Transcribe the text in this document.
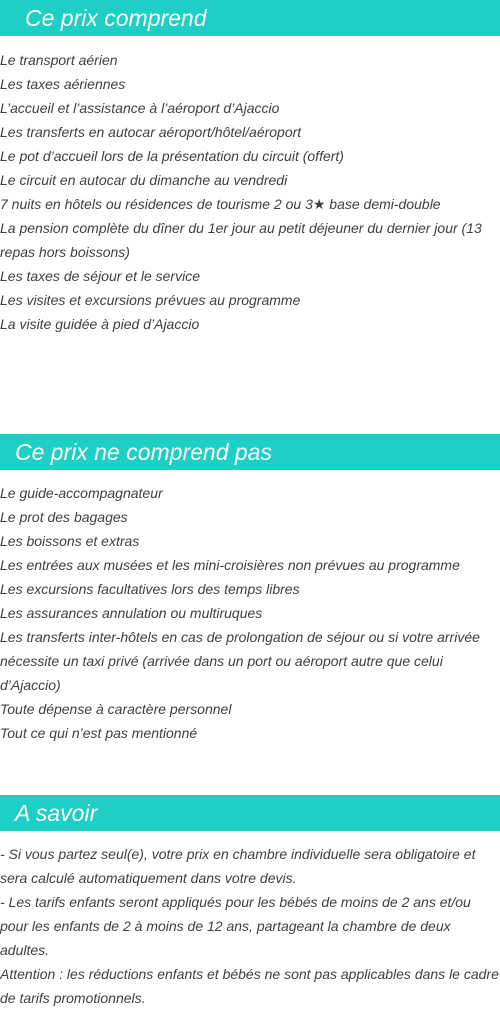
Ce prix comprend
Le transport aérien
Les taxes aériennes
L’accueil et l’assistance à l’aéroport d’Ajaccio
Les transferts en autocar aéroport/hôtel/aéroport
Le pot d’accueil lors de la présentation du circuit (offert)
Le circuit en autocar du dimanche au vendredi
7 nuits en hôtels ou résidences de tourisme 2 ou 3★ base demi-double
La pension complète du dîner du 1er jour au petit déjeuner du dernier jour (13 repas hors boissons)
Les taxes de séjour et le service
Les visites et excursions prévues au programme
La visite guidée à pied d’Ajaccio
Ce prix ne comprend pas
Le guide-accompagnateur
Le prot des bagages
Les boissons et extras
Les entrées aux musées et les mini-croisières non prévues au programme
Les excursions facultatives lors des temps libres
Les assurances annulation ou multiruques
Les transferts inter-hôtels en cas de prolongation de séjour ou si votre arrivée nécessite un taxi privé (arrivée dans un port ou aéroport autre que celui d’Ajaccio)
Toute dépense à caractère personnel
Tout ce qui n’est pas mentionné
A savoir
- Si vous partez seul(e), votre prix en chambre individuelle sera obligatoire et sera calculé automatiquement dans votre devis.
- Les tarifs enfants seront appliqués pour les bébés de moins de 2 ans et/ou pour les enfants de 2 à moins de 12 ans, partageant la chambre de deux adultes.
Attention : les réductions enfants et bébés ne sont pas applicables dans le cadre de tarifs promotionnels.
